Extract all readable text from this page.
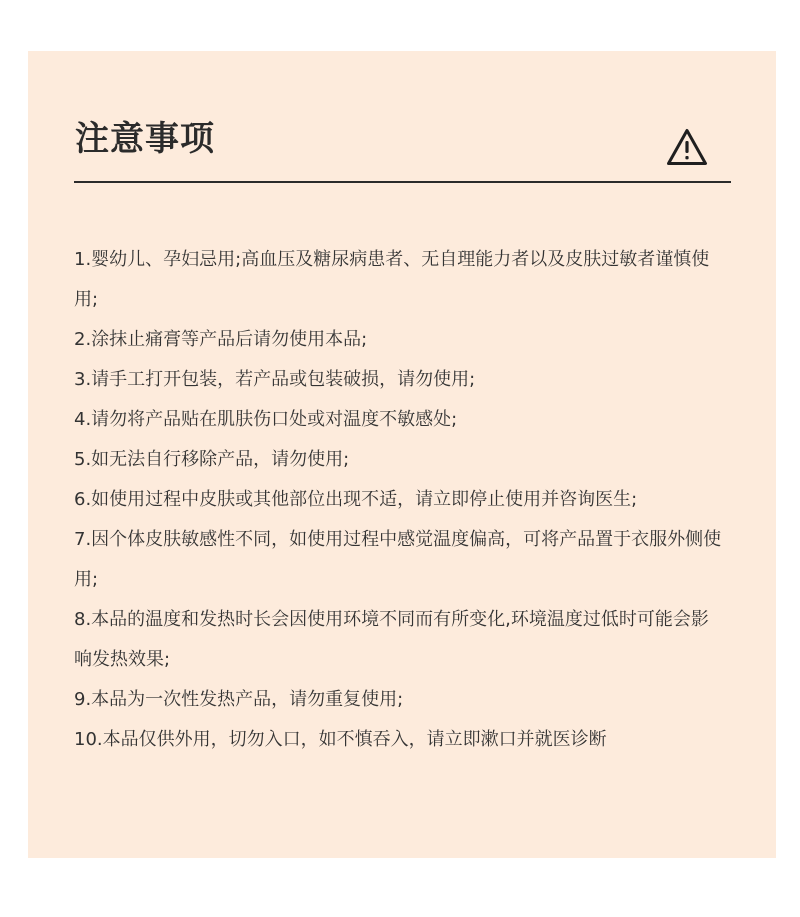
注意事项
1.婴幼儿、孕妇忌用;高血压及糖尿病患者、无自理能力者以及皮肤过敏者谨慎使用;
2.涂抹止痛膏等产品后请勿使用本品;
3.请手工打开包装，若产品或包装破损，请勿使用;
4.请勿将产品贴在肌肤伤口处或对温度不敏感处;
5.如无法自行移除产品，请勿使用;
6.如使用过程中皮肤或其他部位出现不适，请立即停止使用并咨询医生;
7.因个体皮肤敏感性不同，如使用过程中感觉温度偏高，可将产品置于衣服外侧使用;
8.本品的温度和发热时长会因使用环境不同而有所变化,环境温度过低时可能会影响发热效果;
9.本品为一次性发热产品，请勿重复使用;
10.本品仅供外用，切勿入口，如不慎吞入，请立即漱口并就医诊断
